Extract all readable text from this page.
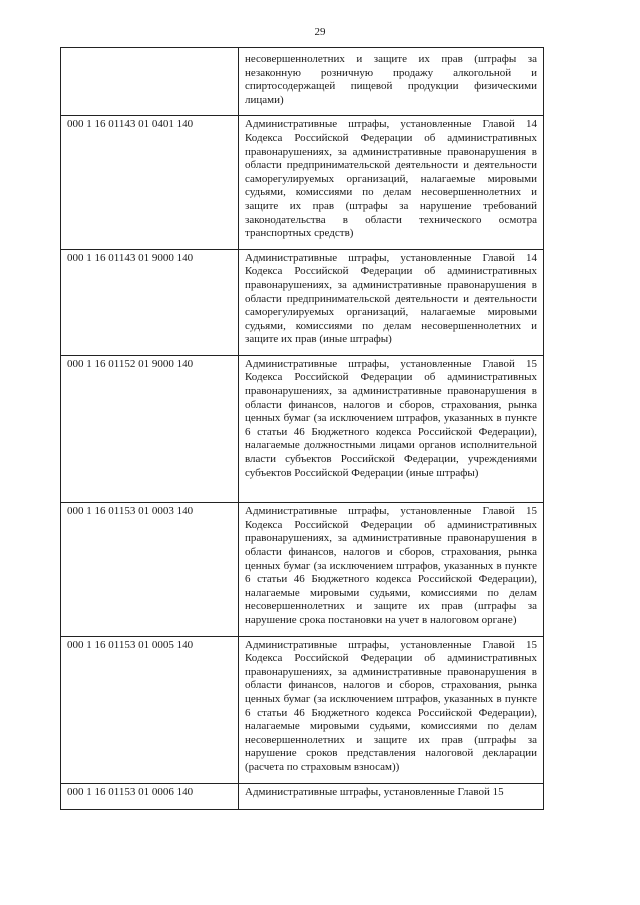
29
	несовершеннолетних и защите их прав (штрафы за незаконную розничную продажу алкогольной и спиртосодержащей пищевой продукции физическими лицами)
000 1 16 01143 01 0401 140	Административные штрафы, установленные Главой 14 Кодекса Российской Федерации об административных правонарушениях, за административные правонарушения в области предпринимательской деятельности и деятельности саморегулируемых организаций, налагаемые мировыми судьями, комиссиями по делам несовершеннолетних и защите их прав (штрафы за нарушение требований законодательства в области технического осмотра транспортных средств)
000 1 16 01143 01 9000 140	Административные штрафы, установленные Главой 14 Кодекса Российской Федерации об административных правонарушениях, за административные правонарушения в области предпринимательской деятельности и деятельности саморегулируемых организаций, налагаемые мировыми судьями, комиссиями по делам несовершеннолетних и защите их прав (иные штрафы)
000 1 16 01152 01 9000 140	Административные штрафы, установленные Главой 15 Кодекса Российской Федерации об административных правонарушениях, за административные правонарушения в области финансов, налогов и сборов, страхования, рынка ценных бумаг (за исключением штрафов, указанных в пункте 6 статьи 46 Бюджетного кодекса Российской Федерации), налагаемые должностными лицами органов исполнительной власти субъектов Российской Федерации, учреждениями субъектов Российской Федерации (иные штрафы)
000 1 16 01153 01 0003 140	Административные штрафы, установленные Главой 15 Кодекса Российской Федерации об административных правонарушениях, за административные правонарушения в области финансов, налогов и сборов, страхования, рынка ценных бумаг (за исключением штрафов, указанных в пункте 6 статьи 46 Бюджетного кодекса Российской Федерации), налагаемые мировыми судьями, комиссиями по делам несовершеннолетних и защите их прав (штрафы за нарушение срока постановки на учет в налоговом органе)
000 1 16 01153 01 0005 140	Административные штрафы, установленные Главой 15 Кодекса Российской Федерации об административных правонарушениях, за административные правонарушения в области финансов, налогов и сборов, страхования, рынка ценных бумаг (за исключением штрафов, указанных в пункте 6 статьи 46 Бюджетного кодекса Российской Федерации), налагаемые мировыми судьями, комиссиями по делам несовершеннолетних и защите их прав (штрафы за нарушение сроков представления налоговой декларации (расчета по страховым взносам))
000 1 16 01153 01 0006 140	Административные штрафы, установленные Главой 15
